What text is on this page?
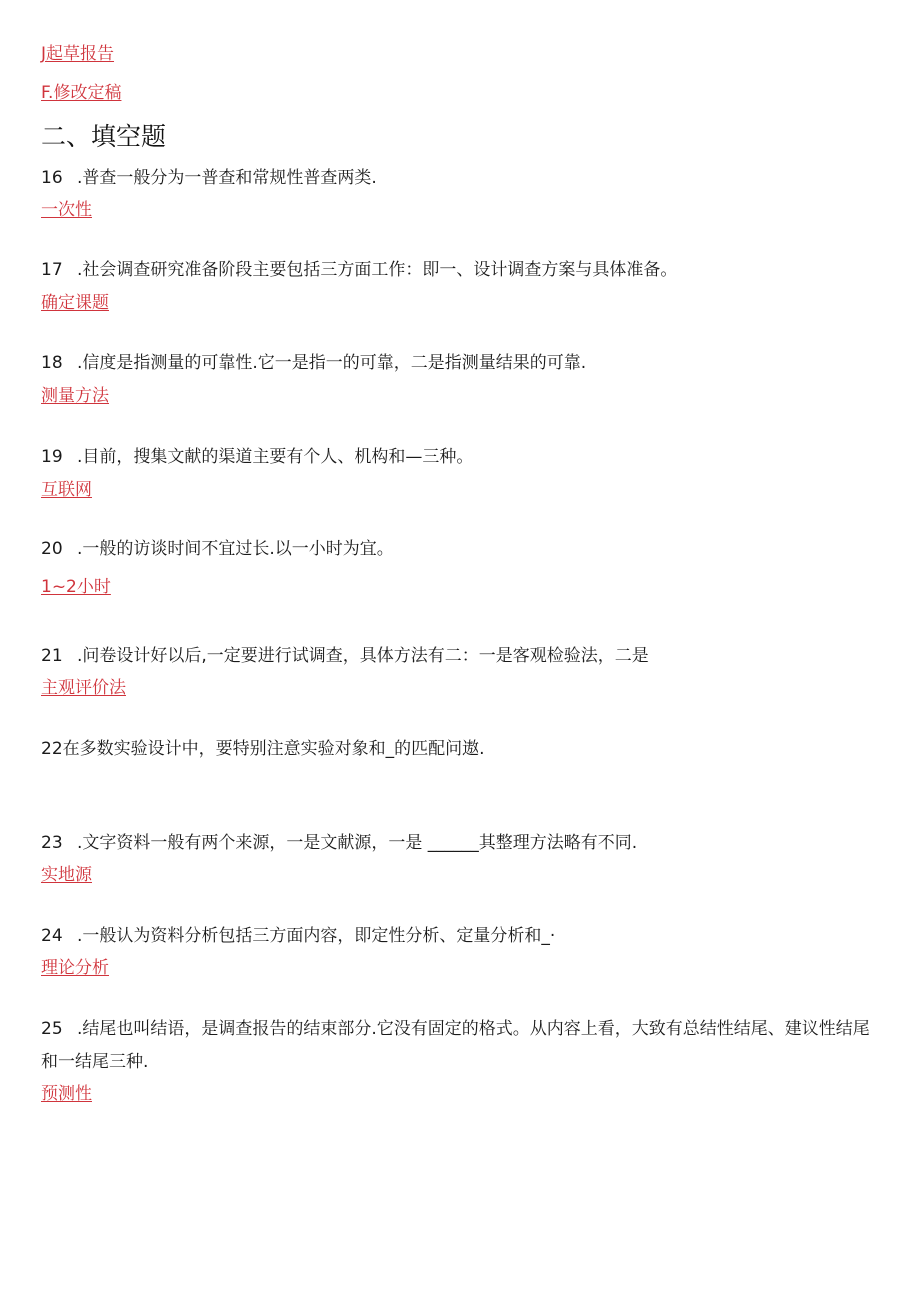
J起草报告
F.修改定稿
二、填空题
16 .普查一般分为一普查和常规性普查两类.
一次性
17 .社会调查研究准备阶段主要包括三方面工作：即一、设计调查方案与具体准备。
确定课题
18 .信度是指测量的可靠性.它一是指一的可靠，二是指测量结果的可靠.
测量方法
19 .目前，搜集文献的渠道主要有个人、机构和—三种。
互联网
20 .一般的访谈时间不宜过长.以一小时为宜。
1~2小时
21 .问卷设计好以后,一定要进行试调查，具体方法有二：一是客观检验法，二是
主观评价法
22在多数实验设计中，要特别注意实验对象和_的匹配问遨.
23 .文字资料一般有两个来源，一是文献源，一是 ______其整理方法略有不同.
实地源
24 .一般认为资料分析包括三方面内容，即定性分析、定量分析和_·
理论分析
25 .结尾也叫结语，是调查报告的结束部分.它没有固定的格式。从内容上看，大致有总结性结尾、建议性结尾
和一结尾三种.
预测性
